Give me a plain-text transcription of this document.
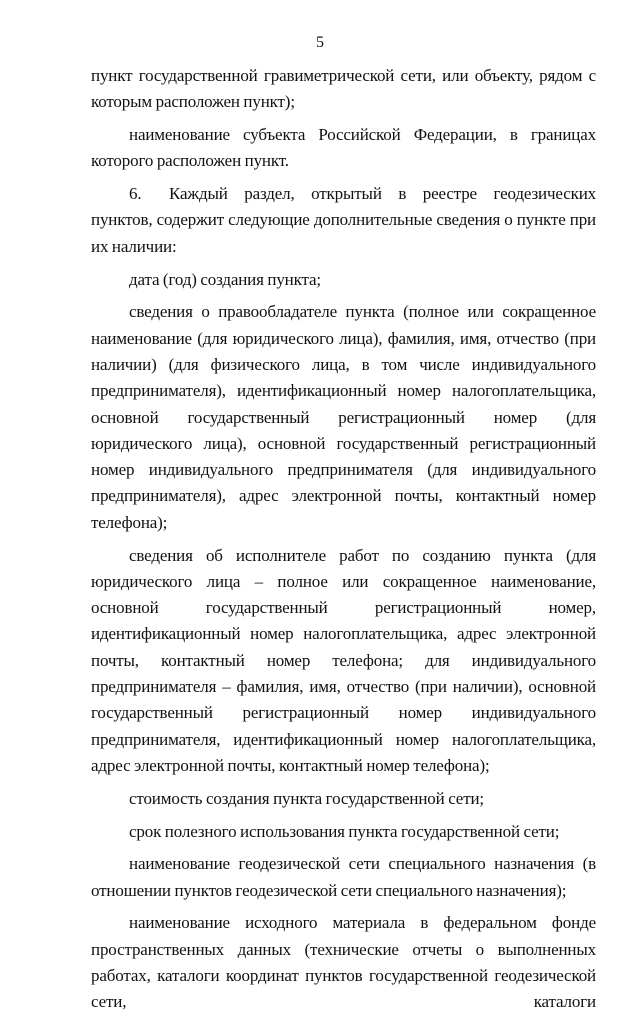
5

пункт государственной гравиметрической сети, или объекту, рядом с которым расположен пункт);

наименование субъекта Российской Федерации, в границах которого расположен пункт.

6. Каждый раздел, открытый в реестре геодезических пунктов, содержит следующие дополнительные сведения о пункте при их наличии:

дата (год) создания пункта;

сведения о правообладателе пункта (полное или сокращенное наименование (для юридического лица), фамилия, имя, отчество (при наличии) (для физического лица, в том числе индивидуального предпринимателя), идентификационный номер налогоплательщика, основной государственный регистрационный номер (для юридического лица), основной государственный регистрационный номер индивидуального предпринимателя (для индивидуального предпринимателя), адрес электронной почты, контактный номер телефона);

сведения об исполнителе работ по созданию пункта (для юридического лица – полное или сокращенное наименование, основной государственный регистрационный номер, идентификационный номер налогоплательщика, адрес электронной почты, контактный номер телефона; для индивидуального предпринимателя – фамилия, имя, отчество (при наличии), основной государственный регистрационный номер индивидуального предпринимателя, идентификационный номер налогоплательщика, адрес электронной почты, контактный номер телефона);

стоимость создания пункта государственной сети;

срок полезного использования пункта государственной сети;

наименование геодезической сети специального назначения (в отношении пунктов геодезической сети специального назначения);

наименование исходного материала в федеральном фонде пространственных данных (технические отчеты о выполненных работах, каталоги координат пунктов государственной геодезической сети, каталоги
